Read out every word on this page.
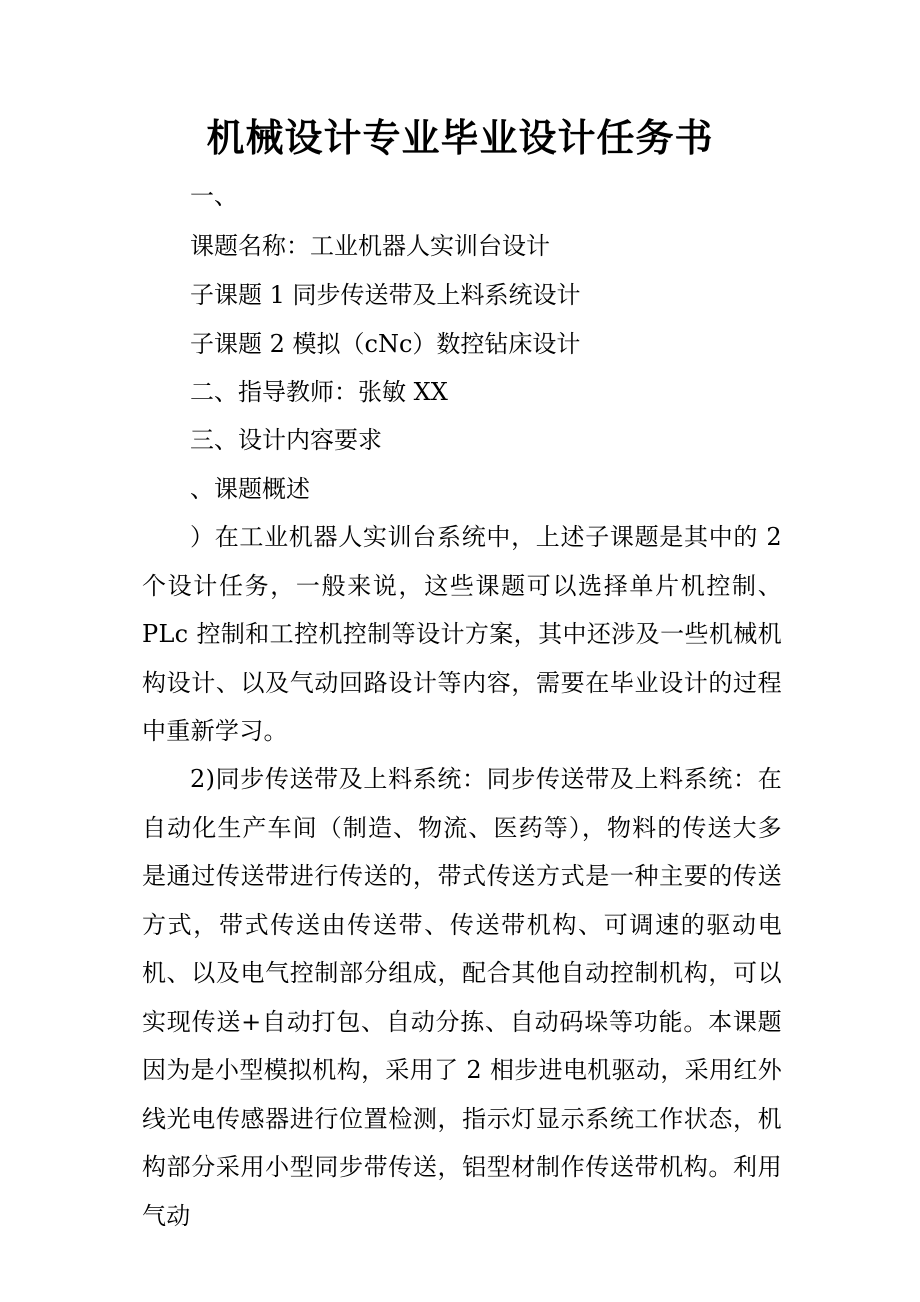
机械设计专业毕业设计任务书

一、

课题名称：工业机器人实训台设计

子课题 1 同步传送带及上料系统设计

子课题 2 模拟（cNc）数控钻床设计

二、指导教师：张敏 XX

三、设计内容要求

、课题概述

）在工业机器人实训台系统中，上述子课题是其中的 2 个设计任务，一般来说，这些课题可以选择单片机控制、PLc 控制和工控机控制等设计方案，其中还涉及一些机械机构设计、以及气动回路设计等内容，需要在毕业设计的过程中重新学习。

2)同步传送带及上料系统：同步传送带及上料系统：在自动化生产车间（制造、物流、医药等），物料的传送大多是通过传送带进行传送的，带式传送方式是一种主要的传送方式，带式传送由传送带、传送带机构、可调速的驱动电机、以及电气控制部分组成，配合其他自动控制机构，可以实现传送+自动打包、自动分拣、自动码垛等功能。本课题因为是小型模拟机构，采用了 2 相步进电机驱动，采用红外线光电传感器进行位置检测，指示灯显示系统工作状态，机构部分采用小型同步带传送，铝型材制作传送带机构。利用气动
